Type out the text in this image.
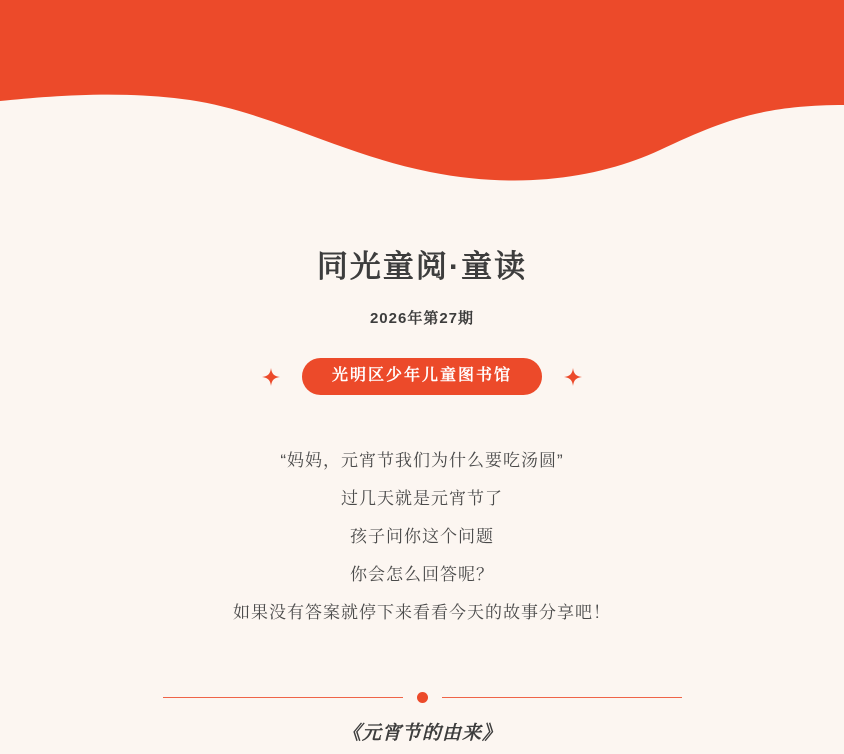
同光童阅·童读
2026年第27期
光明区少年儿童图书馆
“妈妈，元宵节我们为什么要吃汤圆”
过几天就是元宵节了
孩子问你这个问题
你会怎么回答呢？
如果没有答案就停下来看看今天的故事分享吧！
《元宵节的由来》
